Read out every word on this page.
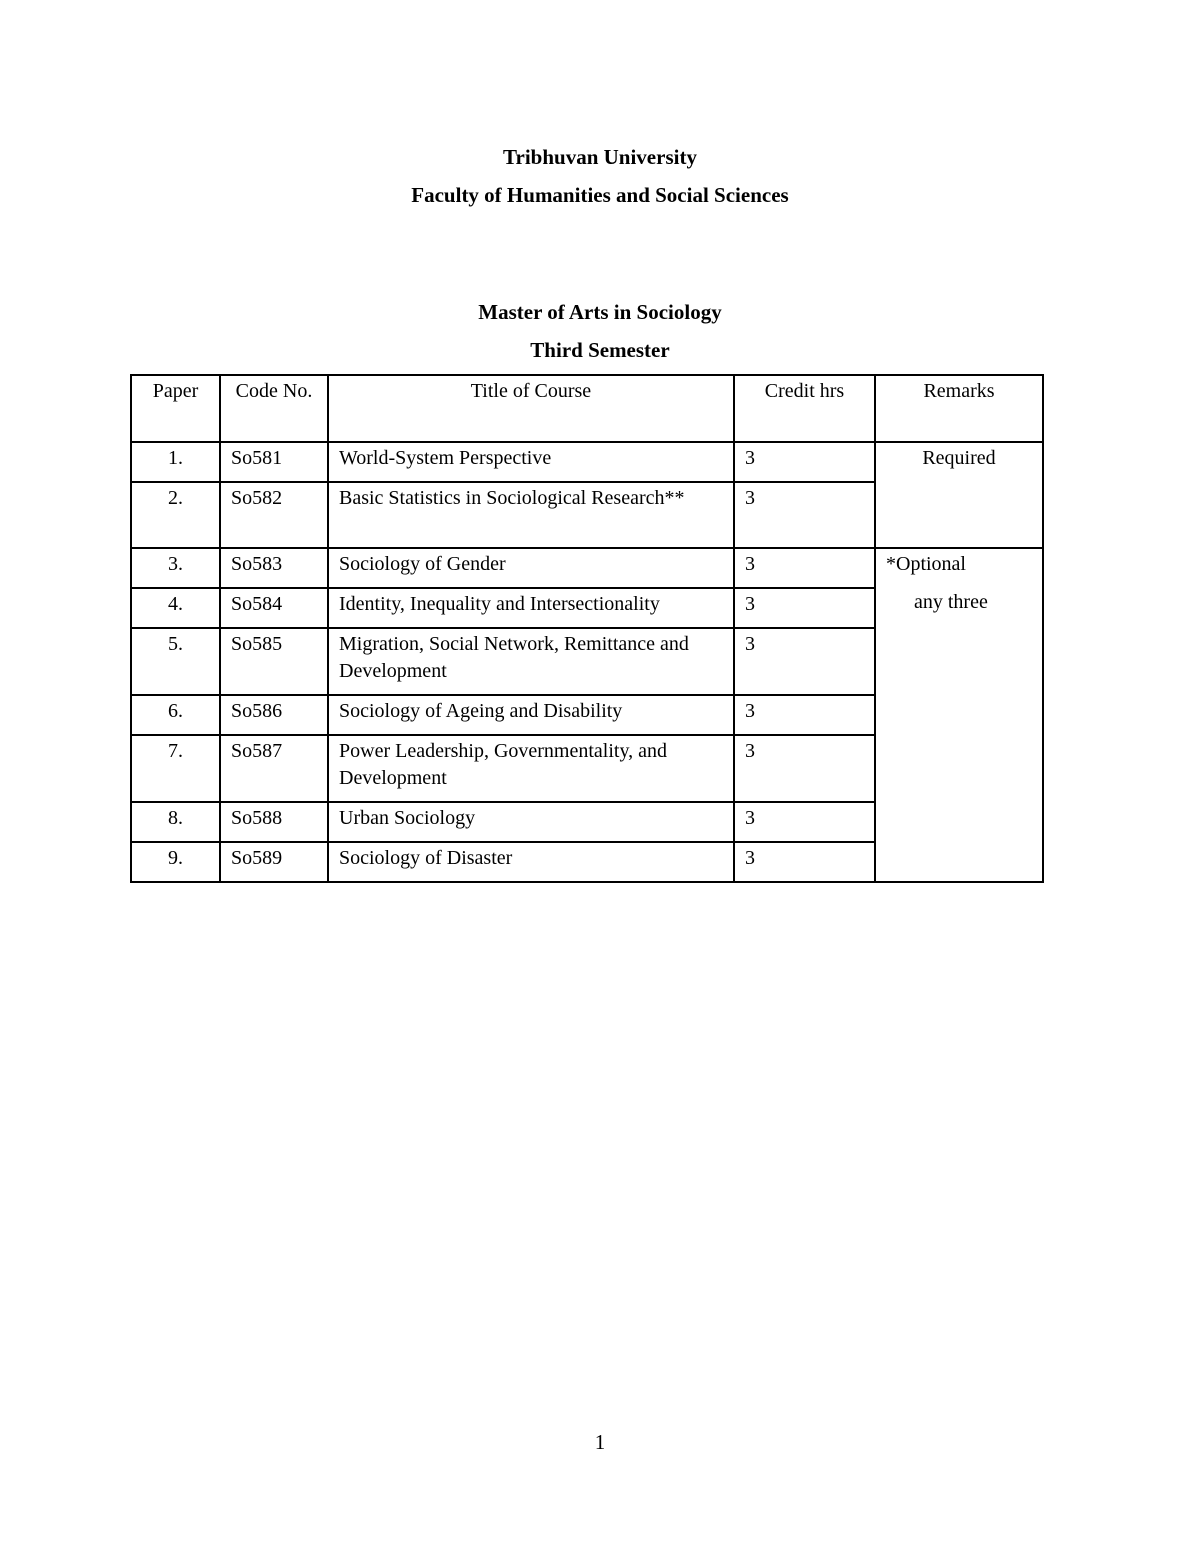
Tribhuvan University
Faculty of Humanities and Social Sciences
Master of Arts in Sociology
Third Semester
Paper	Code No.	Title of Course	Credit hrs	Remarks
1.	So581	World-System Perspective	3	Required
2.	So582	Basic Statistics in Sociological Research**	3	
3.	So583	Sociology of Gender	3	*Optional
any three

4.	So584	Identity, Inequality and Intersectionality	3	
5.	So585	Migration, Social Network, Remittance and Development	3	
6.	So586	Sociology of Ageing and Disability	3	
7.	So587	Power Leadership, Governmentality, and Development	3	
8.	So588	Urban Sociology	3	
9.	So589	Sociology of Disaster	3	
1
